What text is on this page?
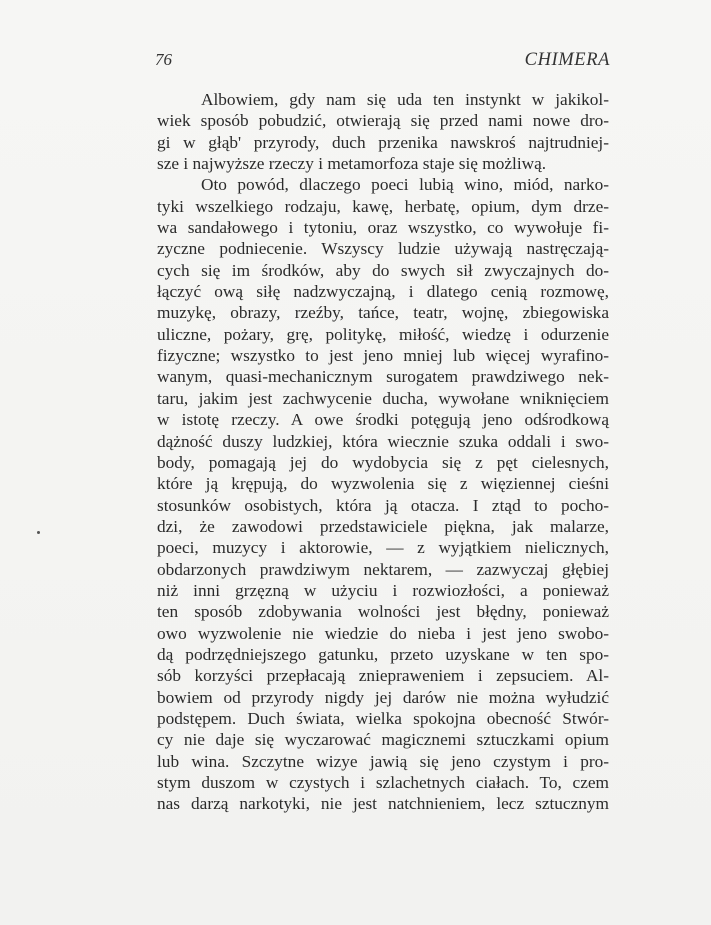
76	CHIMERA
Albowiem, gdy nam się uda ten instynkt w jakikol-
wiek sposób pobudzić, otwierają się przed nami nowe dro-
gi w głąb' przyrody, duch przenika nawskroś najtrudniej-
sze i najwyższe rzeczy i metamorfoza staje się możliwą.
Oto powód, dlaczego poeci lubią wino, miód, narko-
tyki wszelkiego rodzaju, kawę, herbatę, opium, dym drze-
wa sandałowego i tytoniu, oraz wszystko, co wywołuje fi-
zyczne podniecenie. Wszyscy ludzie używają nastręczają-
cych się im środków, aby do swych sił zwyczajnych do-
łączyć ową siłę nadzwyczajną, i dlatego cenią rozmowę,
muzykę, obrazy, rzeźby, tańce, teatr, wojnę, zbiegowiska
uliczne, pożary, grę, politykę, miłość, wiedzę i odurzenie
fizyczne; wszystko to jest jeno mniej lub więcej wyrafino-
wanym, quasi-mechanicznym surogatem prawdziwego nek-
taru, jakim jest zachwycenie ducha, wywołane wniknięciem
w istotę rzeczy. A owe środki potęgują jeno odśrodkową
dążność duszy ludzkiej, która wiecznie szuka oddali i swo-
body, pomagają jej do wydobycia się z pęt cielesnych,
które ją krępują, do wyzwolenia się z więziennej cieśni
stosunków osobistych, która ją otacza. I ztąd to pocho-
dzi, że zawodowi przedstawiciele piękna, jak malarze,
poeci, muzycy i aktorowie, — z wyjątkiem nielicznych,
obdarzonych prawdziwym nektarem, — zazwyczaj głębiej
niż inni grzęzną w użyciu i rozwiozłości, a ponieważ
ten sposób zdobywania wolności jest błędny, ponieważ
owo wyzwolenie nie wiedzie do nieba i jest jeno swobo-
dą podrzędniejszego gatunku, przeto uzyskane w ten spo-
sób korzyści przepłacają zniepraweniem i zepsuciem. Al-
bowiem od przyrody nigdy jej darów nie można wyłudzić
podstępem. Duch świata, wielka spokojna obecność Stwór-
cy nie daje się wyczarować magicznemi sztuczkami opium
lub wina. Szczytne wizye jawią się jeno czystym i pro-
stym duszom w czystych i szlachetnych ciałach. To, czem
nas darzą narkotyki, nie jest natchnieniem, lecz sztucznym
